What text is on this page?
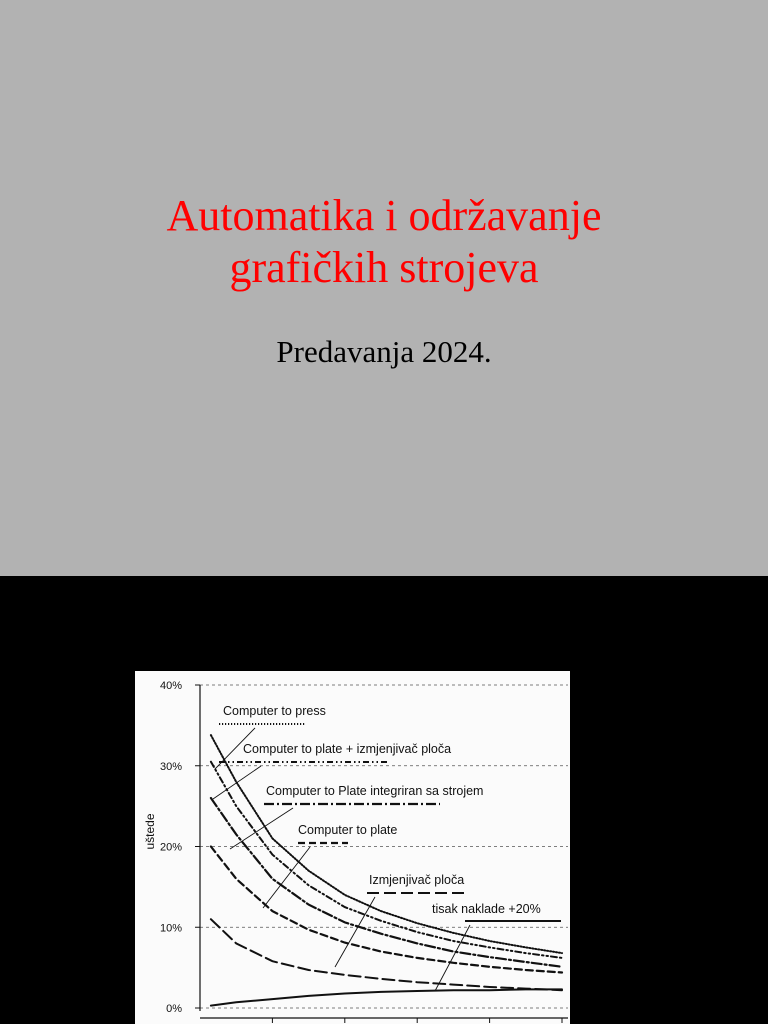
Automatika i održavanje
grafičkih strojeva
Predavanja 2024.
0%
10%
20%
30%
40%
uštede
Computer to press
Computer to plate + izmjenjivač ploča
Computer to Plate integriran sa strojem
Computer to plate
Izmjenjivač ploča
tisak naklade +20%
